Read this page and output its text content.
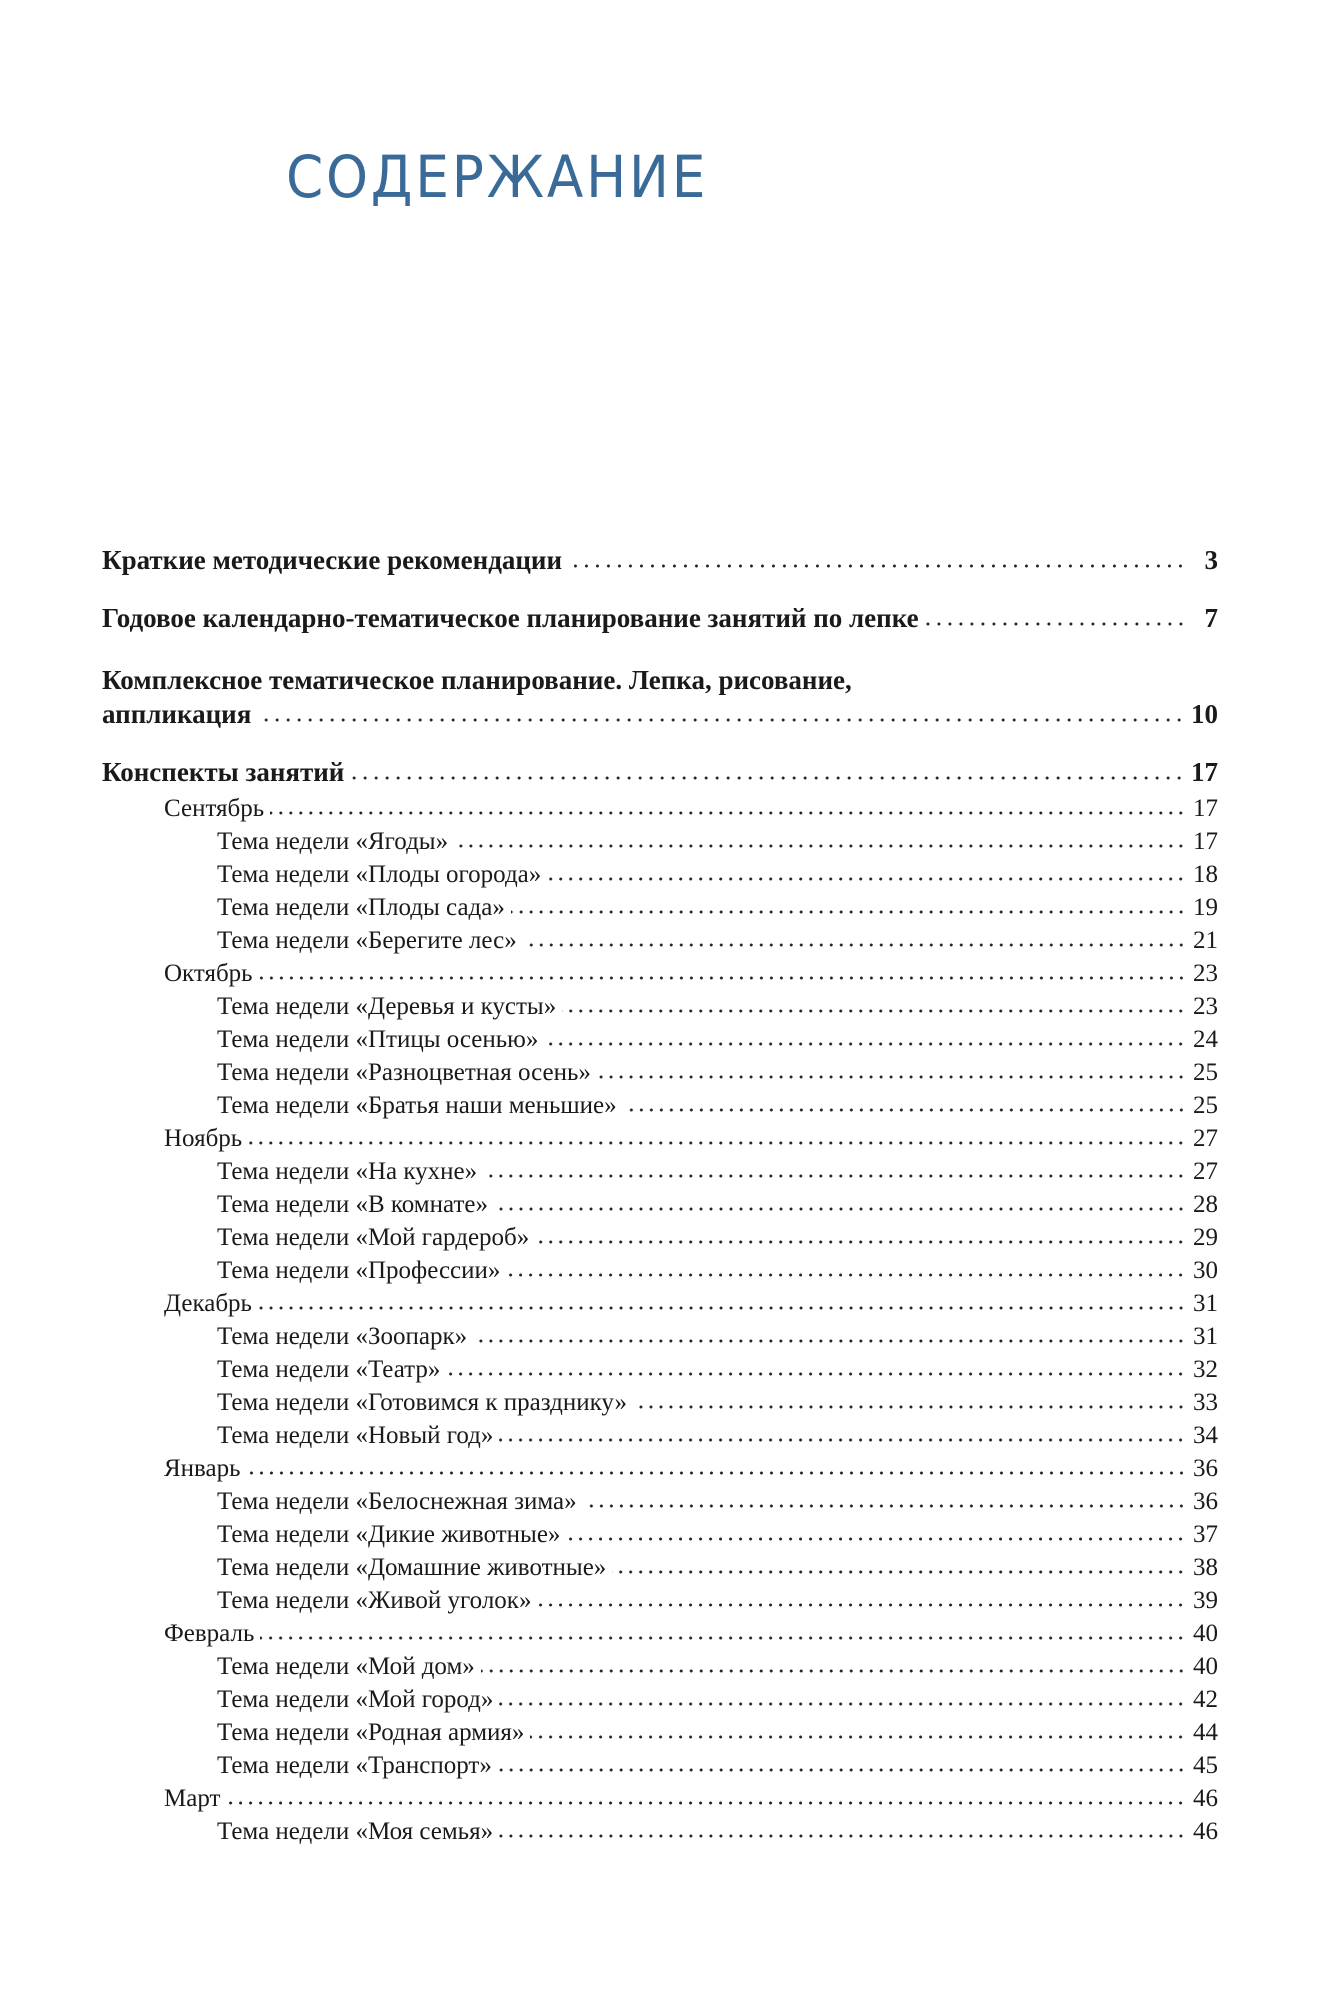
СОДЕРЖАНИЕ
Краткие методические рекомендации	3
Годовое календарно-тематическое планирование занятий по лепке	7
Комплексное тематическое планирование. Лепка, рисование,
аппликация	10
Конспекты занятий	17
Сентябрь	17
Тема недели «Ягоды»	17
Тема недели «Плоды огорода»	18
Тема недели «Плоды сада»	19
Тема недели «Берегите лес»	21
Октябрь	23
Тема недели «Деревья и кусты»	23
Тема недели «Птицы осенью»	24
Тема недели «Разноцветная осень»	25
Тема недели «Братья наши меньшие»	25
Ноябрь	27
Тема недели «На кухне»	27
Тема недели «В комнате»	28
Тема недели «Мой гардероб»	29
Тема недели «Профессии»	30
Декабрь	31
Тема недели «Зоопарк»	31
Тема недели «Театр»	32
Тема недели «Готовимся к празднику»	33
Тема недели «Новый год»	34
Январь	36
Тема недели «Белоснежная зима»	36
Тема недели «Дикие животные»	37
Тема недели «Домашние животные»	38
Тема недели «Живой уголок»	39
Февраль	40
Тема недели «Мой дом»	40
Тема недели «Мой город»	42
Тема недели «Родная армия»	44
Тема недели «Транспорт»	45
Март	46
Тема недели «Моя семья»	46
